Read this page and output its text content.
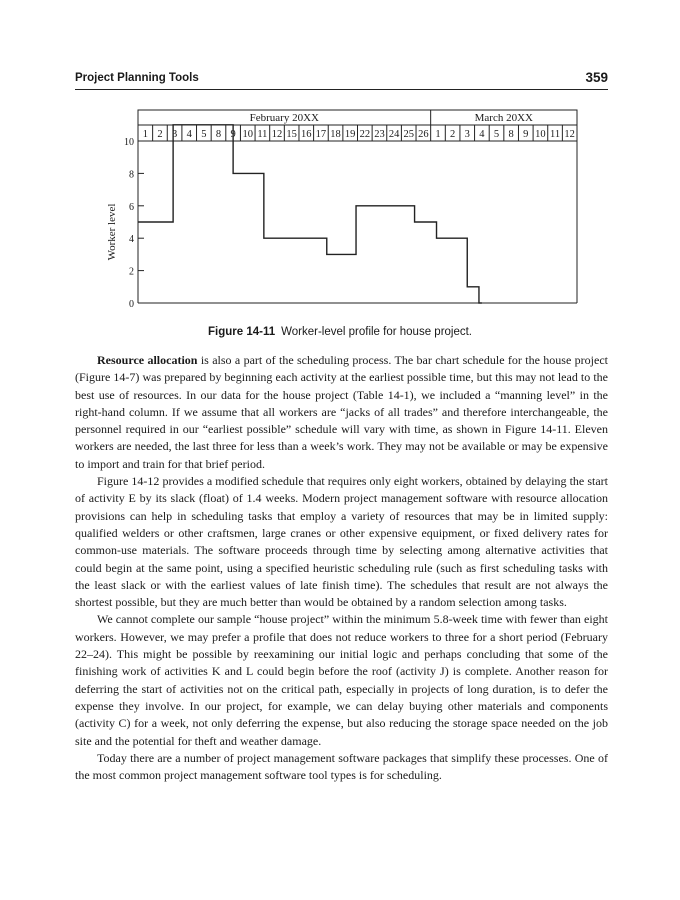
Project Planning Tools	359
February 20XX	March 20XX
1 2 3 4 5 8 9 10 11 12 15 16 17 18 19 22 23 24 25 26 1 2 3 4 5 8 9 10 11 12
0
2
4
6
8
10
Worker level
Figure 14-11 Worker-level profile for house project.

Resource allocation is also a part of the scheduling process. The bar chart schedule for the house project (Figure 14-7) was prepared by beginning each activity at the earliest possible time, but this may not lead to the best use of resources. In our data for the house project (Table 14-1), we included a “manning level” in the right-hand column. If we assume that all workers are “jacks of all trades” and therefore interchangeable, the personnel required in our “earliest possible” schedule will vary with time, as shown in Figure 14-11. Eleven workers are needed, the last three for less than a week’s work. They may not be available or may be expensive to import and train for that brief period.

Figure 14-12 provides a modified schedule that requires only eight workers, obtained by delaying the start of activity E by its slack (float) of 1.4 weeks. Modern project management software with resource allocation provisions can help in scheduling tasks that employ a variety of resources that may be in limited supply: qualified welders or other craftsmen, large cranes or other expensive equipment, or fixed delivery rates for common-use materials. The software proceeds through time by selecting among alternative activities that could begin at the same point, using a specified heuristic scheduling rule (such as first scheduling tasks with the least slack or with the earliest values of late finish time). The schedules that result are not always the shortest possible, but they are much better than would be obtained by a random selection among tasks.

We cannot complete our sample “house project” within the minimum 5.8-week time with fewer than eight workers. However, we may prefer a profile that does not reduce workers to three for a short period (February 22–24). This might be possible by reexamining our initial logic and perhaps concluding that some of the finishing work of activities K and L could begin before the roof (activity J) is complete. Another reason for deferring the start of activities not on the critical path, especially in projects of long duration, is to defer the expense they involve. In our project, for example, we can delay buying other materials and components (activity C) for a week, not only deferring the expense, but also reducing the storage space needed on the job site and the potential for theft and weather damage.

Today there are a number of project management software packages that simplify these processes. One of the most common project management software tool types is for scheduling.
